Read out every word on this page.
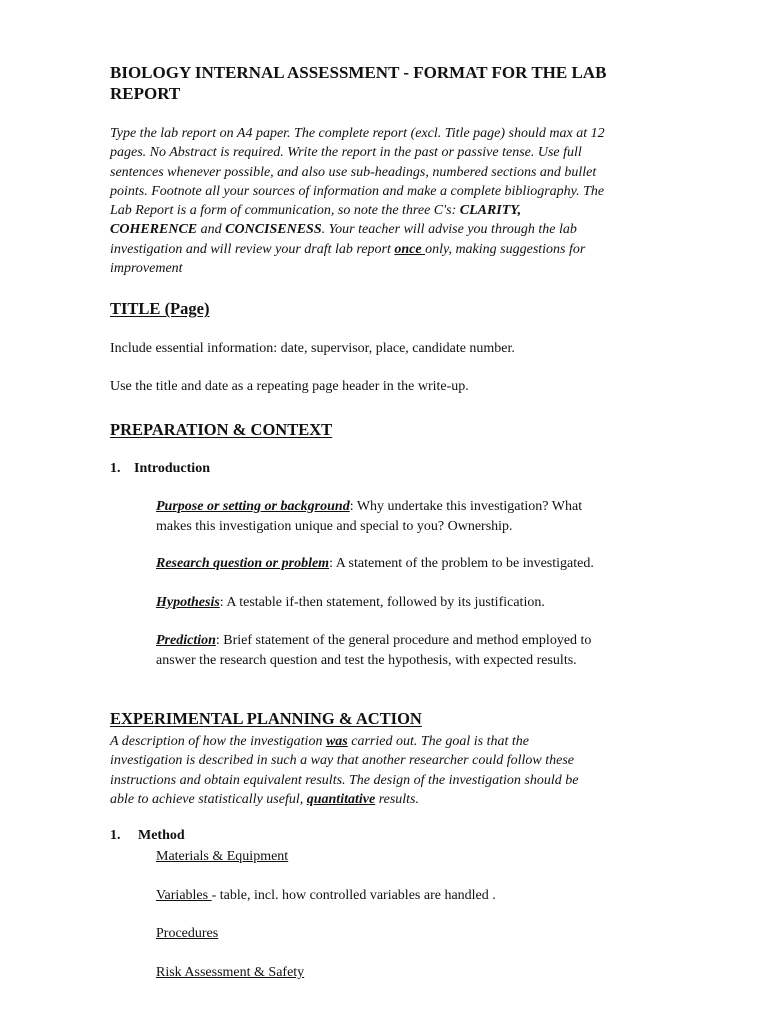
BIOLOGY INTERNAL ASSESSMENT - FORMAT FOR THE LAB
REPORT
Type the lab report on A4 paper. The complete report (excl. Title page) should max at 12
pages. No Abstract is required. Write the report in the past or passive tense. Use full
sentences whenever possible, and also use sub-headings, numbered sections and bullet
points. Footnote all your sources of information and make a complete bibliography. The
Lab Report is a form of communication, so note the three C's: CLARITY,
COHERENCE and CONCISENESS. Your teacher will advise you through the lab
investigation and will review your draft lab report once only, making suggestions for
improvement
TITLE (Page)
Include essential information: date, supervisor, place, candidate number.
Use the title and date as a repeating page header in the write-up.
PREPARATION & CONTEXT
1. Introduction
Purpose or setting or background: Why undertake this investigation? What
makes this investigation unique and special to you? Ownership.
Research question or problem: A statement of the problem to be investigated.
Hypothesis: A testable if-then statement, followed by its justification.
Prediction: Brief statement of the general procedure and method employed to
answer the research question and test the hypothesis, with expected results.
EXPERIMENTAL PLANNING & ACTION
A description of how the investigation was carried out. The goal is that the
investigation is described in such a way that another researcher could follow these
instructions and obtain equivalent results. The design of the investigation should be
able to achieve statistically useful, quantitative results.
1. Method
Materials & Equipment
Variables - table, incl. how controlled variables are handled .
Procedures
Risk Assessment & Safety
